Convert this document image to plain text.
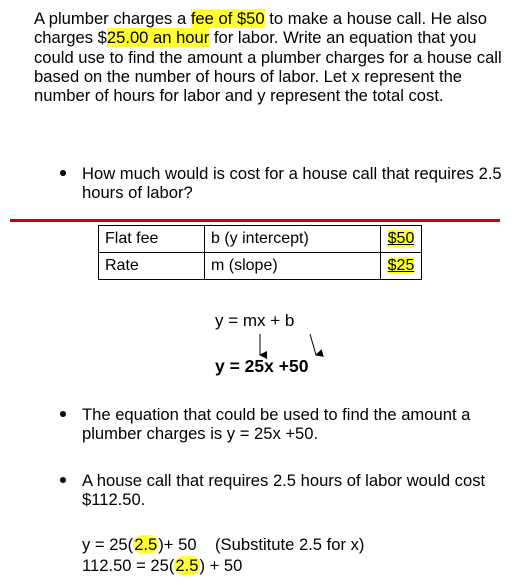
A plumber charges a fee of $50 to make a house call. He also charges $25.00 an hour for labor. Write an equation that you could use to find the amount a plumber charges for a house call based on the number of hours of labor. Let x represent the number of hours for labor and y represent the total cost.

How much would is cost for a house call that requires 2.5 hours of labor?
Flat fee	b (y intercept)	$50
Rate	m (slope)	$25
y = mx + b
y = 25x +50
The equation that could be used to find the amount a plumber charges is y = 25x +50.
A house call that requires 2.5 hours of labor would cost $112.50.
y = 25(2.5)+ 50 (Substitute 2.5 for x)
112.50 = 25(2.5) + 50
